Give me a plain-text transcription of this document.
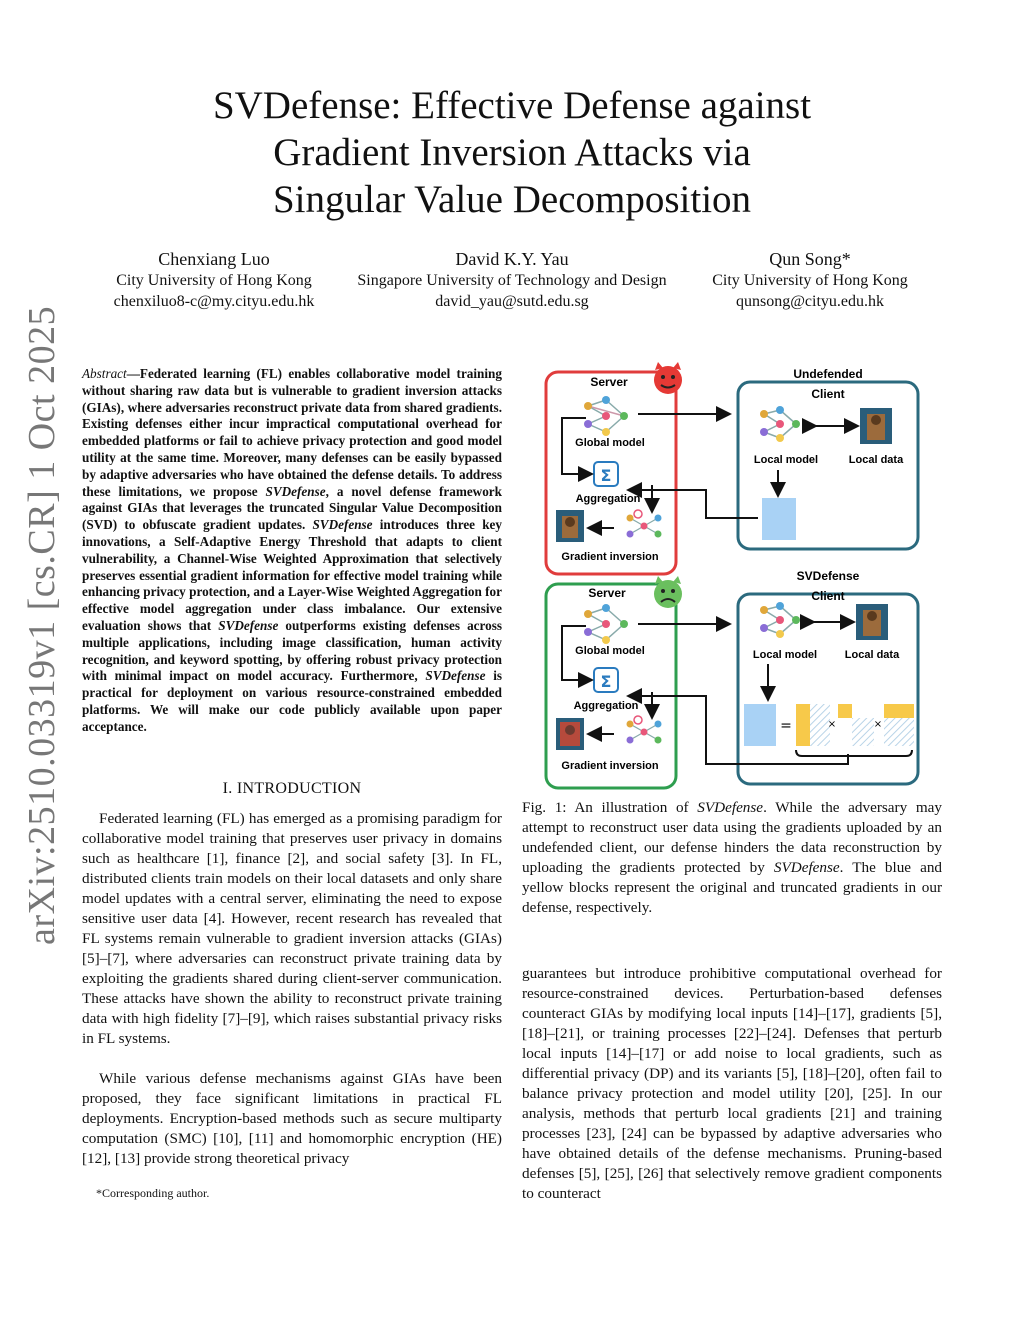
arXiv:2510.03319v1 [cs.CR] 1 Oct 2025
SVDefense: Effective Defense against
Gradient Inversion Attacks via
Singular Value Decomposition
Chenxiang Luo
City University of Hong Kong
chenxiluo8-c@my.cityu.edu.hk
David K.Y. Yau
Singapore University of Technology and Design
david_yau@sutd.edu.sg
Qun Song*
City University of Hong Kong
qunsong@cityu.edu.hk
Abstract—Federated learning (FL) enables collaborative model training without sharing raw data but is vulnerable to gradient inversion attacks (GIAs), where adversaries reconstruct private data from shared gradients. Existing defenses either incur impractical computational overhead for embedded platforms or fail to achieve privacy protection and good model utility at the same time. Moreover, many defenses can be easily bypassed by adaptive adversaries who have obtained the defense details. To address these limitations, we propose SVDefense, a novel defense framework against GIAs that leverages the truncated Singular Value Decomposition (SVD) to obfuscate gradient updates. SVDefense introduces three key innovations, a Self-Adaptive Energy Threshold that adapts to client vulnerability, a Channel-Wise Weighted Approximation that selectively preserves essential gradient information for effective model training while enhancing privacy protection, and a Layer-Wise Weighted Aggregation for effective model aggregation under class imbalance. Our extensive evaluation shows that SVDefense outperforms existing defenses across multiple applications, including image classification, human activity recognition, and keyword spotting, by offering robust privacy protection with minimal impact on model accuracy. Furthermore, SVDefense is practical for deployment on various resource-constrained embedded platforms. We will make our code publicly available upon paper acceptance.
I. INTRODUCTION

Federated learning (FL) has emerged as a promising paradigm for collaborative model training that preserves user privacy in domains such as healthcare [1], finance [2], and social safety [3]. In FL, distributed clients train models on their local datasets and only share model updates with a central server, eliminating the need to expose sensitive user data [4]. However, recent research has revealed that FL systems remain vulnerable to gradient inversion attacks (GIAs) [5]–[7], where adversaries can reconstruct private training data by exploiting the gradients shared during client-server communication. These attacks have shown the ability to reconstruct private training data with high fidelity [7]–[9], which raises substantial privacy risks in FL systems.

While various defense mechanisms against GIAs have been proposed, they face significant limitations in practical FL deployments. Encryption-based methods such as secure multiparty computation (SMC) [10], [11] and homomorphic encryption (HE) [12], [13] provide strong theoretical privacy

*Corresponding author.
Undefended
Server
Client
Global model
Σ
Aggregation
Gradient inversion
Local model	Local data
SVDefense
Server	Client
Global model
Σ
Aggregation
Gradient inversion
Local model	Local data
=	×	×
Fig. 1: An illustration of SVDefense. While the adversary may attempt to reconstruct user data using the gradients uploaded by an undefended client, our defense hinders the data reconstruction by uploading the gradients protected by SVDefense. The blue and yellow blocks represent the original and truncated gradients in our defense, respectively.

guarantees but introduce prohibitive computational overhead for resource-constrained devices. Perturbation-based defenses counteract GIAs by modifying local inputs [14]–[17], gradients [5], [18]–[21], or training processes [22]–[24]. Defenses that perturb local inputs [14]–[17] or add noise to local gradients, such as differential privacy (DP) and its variants [5], [18]–[20], often fail to balance privacy protection and model utility [20], [25]. In our analysis, methods that perturb local gradients [21] and training processes [23], [24] can be bypassed by adaptive adversaries who have obtained details of the defense mechanisms. Pruning-based defenses [5], [25], [26] that selectively remove gradient components to counteract
